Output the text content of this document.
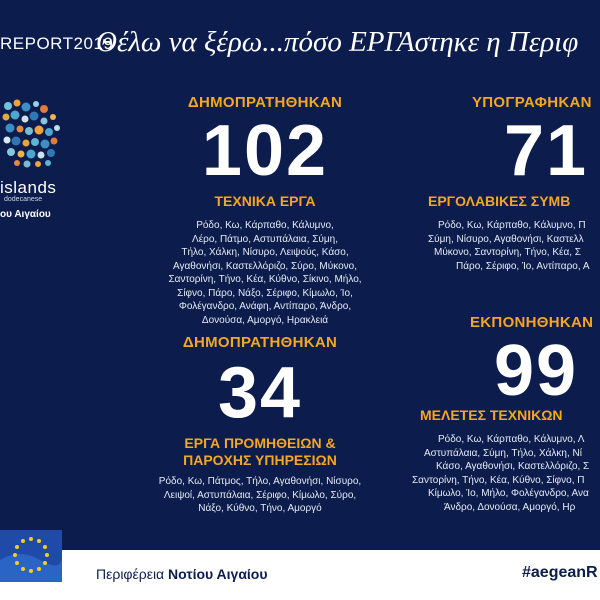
REPORT2019
Θέλω να ξέρω...πόσο ΕΡΓΑστηκε η Περιφ
islands
dodecanese
ου Αιγαίου
ΔΗΜΟΠΡΑΤΗΘΗΚΑΝ
102
ΤΕΧΝΙΚΑ ΕΡΓΑ
Ρόδο, Κω, Κάρπαθο, Κάλυμνο,
Λέρο, Πάτμο, Αστυπάλαια, Σύμη,
Τήλο, Χάλκη, Νίσυρο, Λειψούς, Κάσο,
Αγαθονήσι, Καστελλόριζο, Σύρο, Μύκονο,
Σαντορίνη, Τήνο, Κέα, Κύθνο, Σίκινο, Μήλο,
Σίφνο, Πάρο, Νάξο, Σέριφο, Κίμωλο, Ίο,
Φολέγανδρο, Ανάφη, Αντίπαρο, Άνδρο,
Δονούσα, Αμοργό, Ηρακλειά
ΥΠΟΓΡΑΦΗΚΑΝ
71
ΕΡΓΟΛΑΒΙΚΕΣ ΣΥΜΒ
Ρόδο, Κω, Κάρπαθο, Κάλυμνο, Π
Σύμη, Νίσυρο, Αγαθονήσι, Καστελλ
Μύκονο, Σαντορίνη, Τήνο, Κέα, Σ
Πάρο, Σέριφο, Ίο, Αντίπαρο, Α
ΔΗΜΟΠΡΑΤΗΘΗΚΑΝ
34
ΕΡΓΑ ΠΡΟΜΗΘΕΙΩΝ &
ΠΑΡΟΧΗΣ ΥΠΗΡΕΣΙΩΝ
Ρόδο, Κω, Πάτμος, Τήλο, Αγαθονήσι, Νίσυρο,
Λειψοί, Αστυπάλαια, Σέριφο, Κίμωλο, Σύρο,
Νάξο, Κύθνο, Τήνο, Αμοργό
ΕΚΠΟΝΗΘΗΚΑΝ
99
ΜΕΛΕΤΕΣ ΤΕΧΝΙΚΩΝ
Ρόδο, Κω, Κάρπαθο, Κάλυμνο, Λ
Αστυπάλαια, Σύμη, Τήλο, Χάλκη, Νί
Κάσο, Αγαθονήσι, Καστελλόριζο, Σ
Σαντορίνη, Τήνο, Κέα, Κύθνο, Σίφνο, Π
Κίμωλο, Ίο, Μήλο, Φολέγανδρο, Ανα
Άνδρο, Δονούσα, Αμοργό, Ηρ
Περιφέρεια Νοτίου Αιγαίου	#aegeanR
